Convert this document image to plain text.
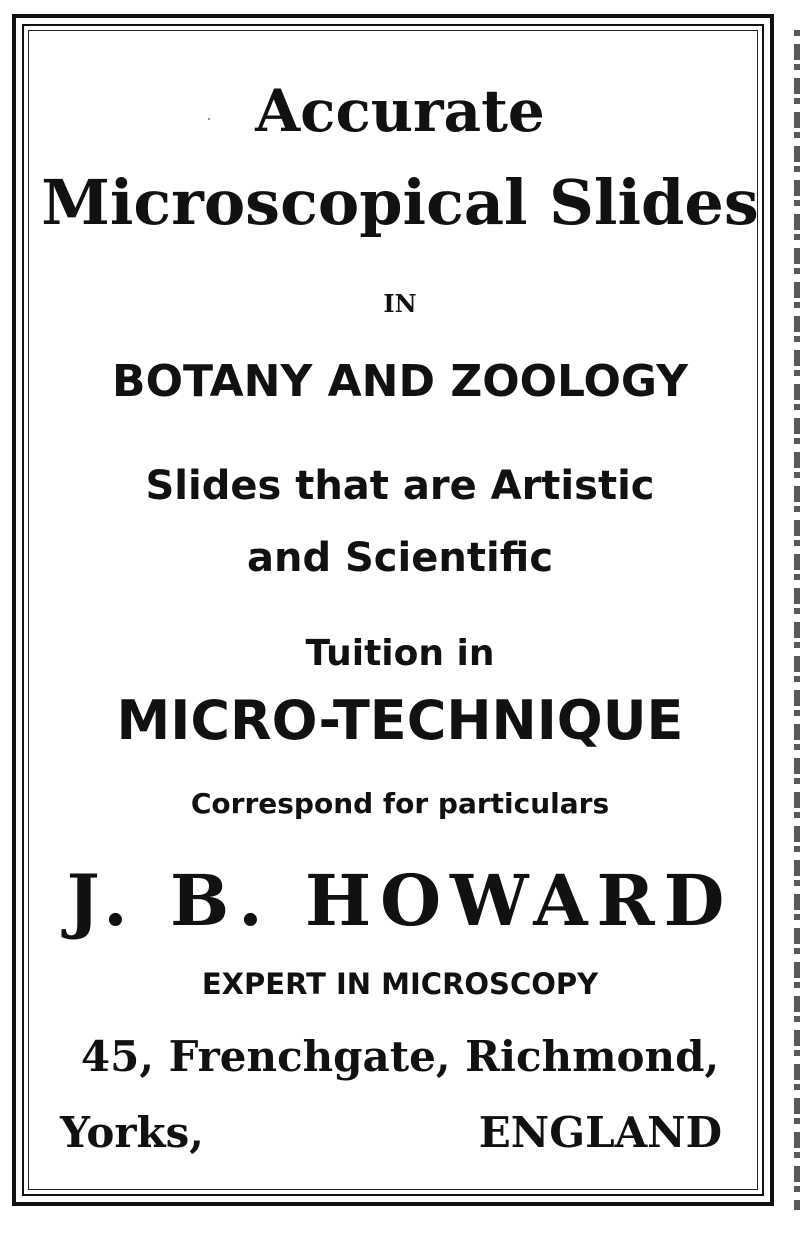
Accurate
Microscopical Slides
IN
BOTANY AND ZOOLOGY
Slides that are Artistic
and Scientific
Tuition in
MICRO-TECHNIQUE
Correspond for particulars
J. B. HOWARD
EXPERT IN MICROSCOPY
45, Frenchgate, Richmond,
Yorks,	ENGLAND
